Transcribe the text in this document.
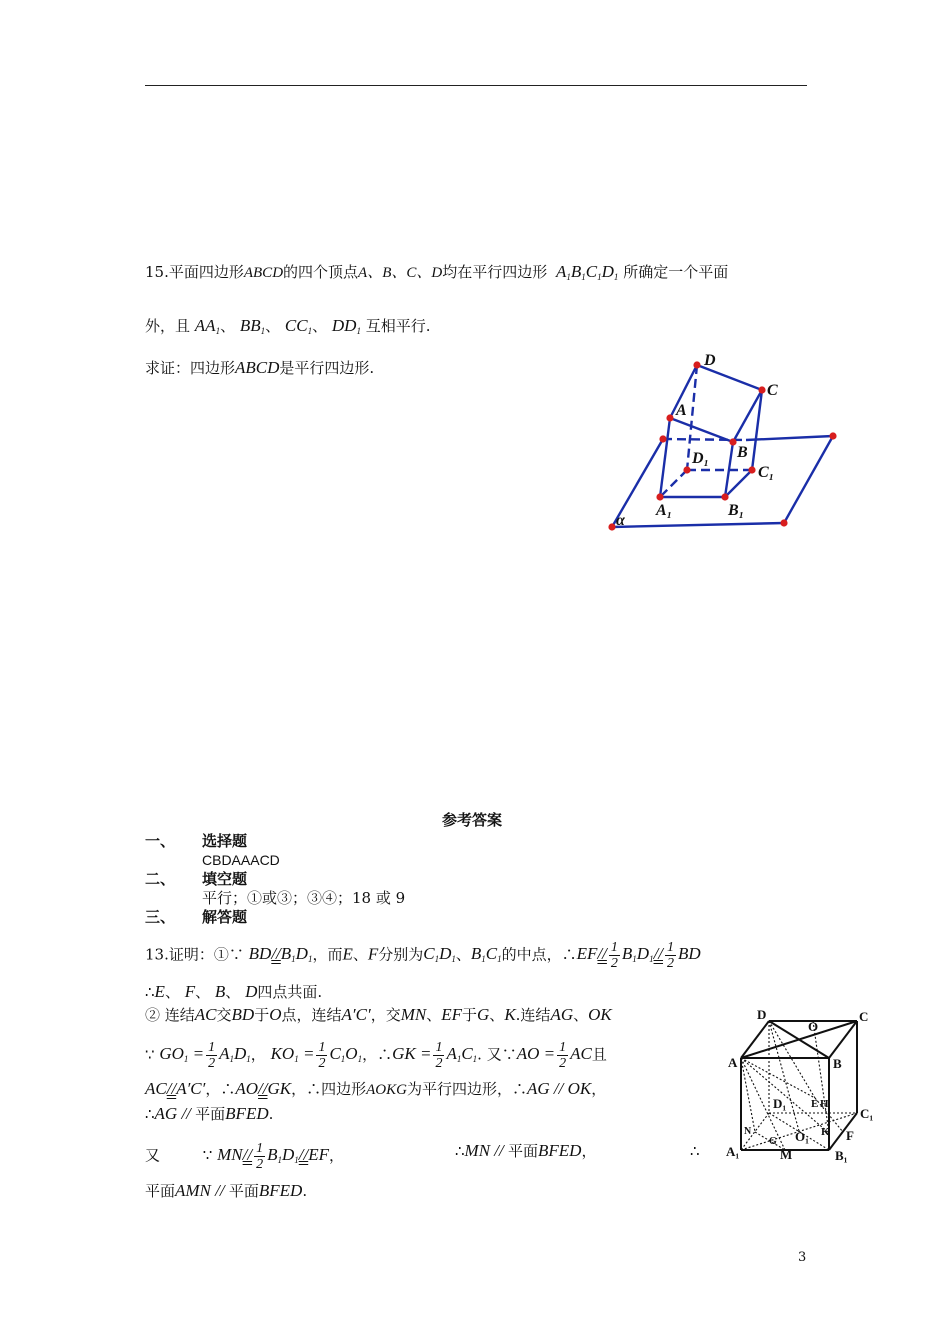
15.平面四边形ABCD的四个顶点A、B、C、D均在平行四边形 $A_1B_1C_1D_1$ 所确定一个平面
外，且 $AA_1$、 $BB_1$、 $CC_1$、 $DD_1$ 互相平行.
求证：四边形ABCD是平行四边形.	D
C
A
B
D₁
C₁
A₁	B₁
α
参考答案
一、 选择题
CBDAAACD
二、 填空题
平行；①或③；③④；18 或 9
三、 解答题
13.证明：①∵ $BD//B_1D_1$，而E、F分别为$C_1D_1$、$B_1C_1$的中点，∴EF// $\frac{1}{2} B_1D_1// \frac{1}{2}$ BD
∴E、 F、 B、 D四点共面.
② 连结AC交BD于O点，连结A′C′，交MN、EF于G、K.连结AG、OK
∵ $GO_1 = \frac{1}{2} A_1D_1$， $KO_1 = \frac{1}{2} C_1O_1$，∴GK = $\frac{1}{2} A_1C_1$. 又∵AO = $\frac{1}{2}$ AC且
AC//A′C′，∴AO//GK，∴四边形AOKG为平行四边形，∴AG // OK，
∴AG // 平面BFED.
又	∵ $MN// \frac{1}{2} B_1D_1//EF$，	∴MN // 平面BFED，	∴
平面AMN // 平面BFED.
D
O
C
A	B
D₁ E H
C₁
N
G O₁ K F
A₁	M	B₁
3
